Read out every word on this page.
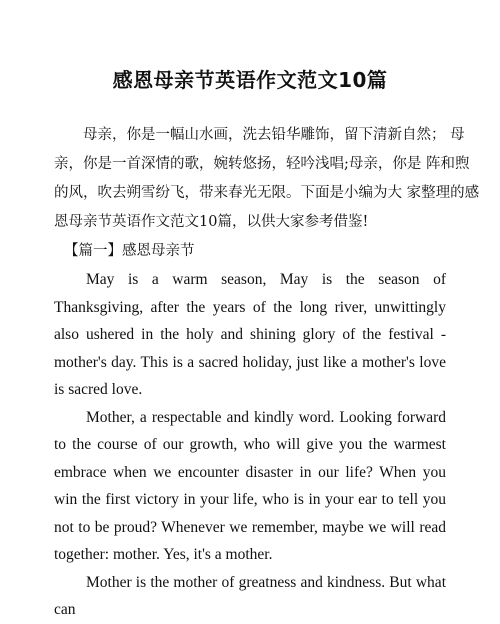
感恩母亲节英语作文范文10篇

母亲，你是一幅山水画，洗去铅华雕饰，留下清新自然； 母
亲，你是一首深情的歌，婉转悠扬，轻吟浅唱;母亲，你是 阵和煦
的风，吹去朔雪纷飞，带来春光无限。下面是小编为大 家整理的感
恩母亲节英语作文范文10篇，以供大家参考借鉴!

【篇一】感恩母亲节

May is a warm season, May is the season of Thanksgiving, after the years of the long river, unwittingly also ushered in the holy and shining glory of the festival - mother's day. This is a sacred holiday, just like a mother's love is sacred love.

Mother, a respectable and kindly word. Looking forward to the course of our growth, who will give you the warmest embrace when we encounter disaster in our life? When you win the first victory in your life, who is in your ear to tell you not to be proud? Whenever we remember, maybe we will read together: mother. Yes, it's a mother.

Mother is the mother of greatness and kindness. But what can
